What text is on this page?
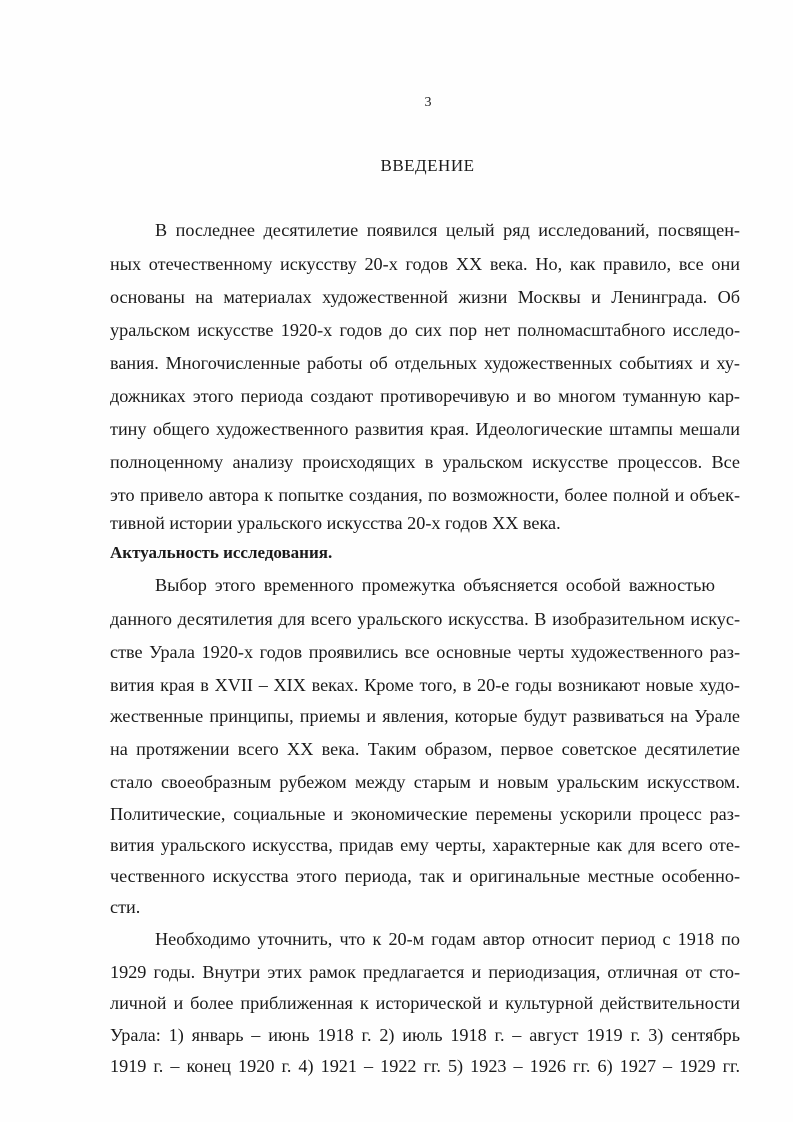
3
ВВЕДЕНИЕ
В последнее десятилетие появился целый ряд исследований, посвящен-
ных отечественному искусству 20-х годов XX века. Но, как правило, все они
основаны на материалах художественной жизни Москвы и Ленинграда. Об
уральском искусстве 1920-х годов до сих пор нет полномасштабного исследо-
вания. Многочисленные работы об отдельных художественных событиях и ху-
дожниках этого периода создают противоречивую и во многом туманную кар-
тину общего художественного развития края. Идеологические штампы мешали
полноценному анализу происходящих в уральском искусстве процессов. Все
это привело автора к попытке создания, по возможности, более полной и объек-
тивной истории уральского искусства 20-х годов XX века.
Актуальность исследования.
Выбор этого временного промежутка объясняется особой важностью
данного десятилетия для всего уральского искусства. В изобразительном искус-
стве Урала 1920-х годов проявились все основные черты художественного раз-
вития края в XVII – XIX веках. Кроме того, в 20-е годы возникают новые худо-
жественные принципы, приемы и явления, которые будут развиваться на Урале
на протяжении всего XX века. Таким образом, первое советское десятилетие
стало своеобразным рубежом между старым и новым уральским искусством.
Политические, социальные и экономические перемены ускорили процесс раз-
вития уральского искусства, придав ему черты, характерные как для всего оте-
чественного искусства этого периода, так и оригинальные местные особенно-
сти.
Необходимо уточнить, что к 20-м годам автор относит период с 1918 по
1929 годы. Внутри этих рамок предлагается и периодизация, отличная от сто-
личной и более приближенная к исторической и культурной действительности
Урала: 1) январь – июнь 1918 г. 2) июль 1918 г. – август 1919 г. 3) сентябрь
1919 г. – конец 1920 г. 4) 1921 – 1922 гг. 5) 1923 – 1926 гг. 6) 1927 – 1929 гг.
